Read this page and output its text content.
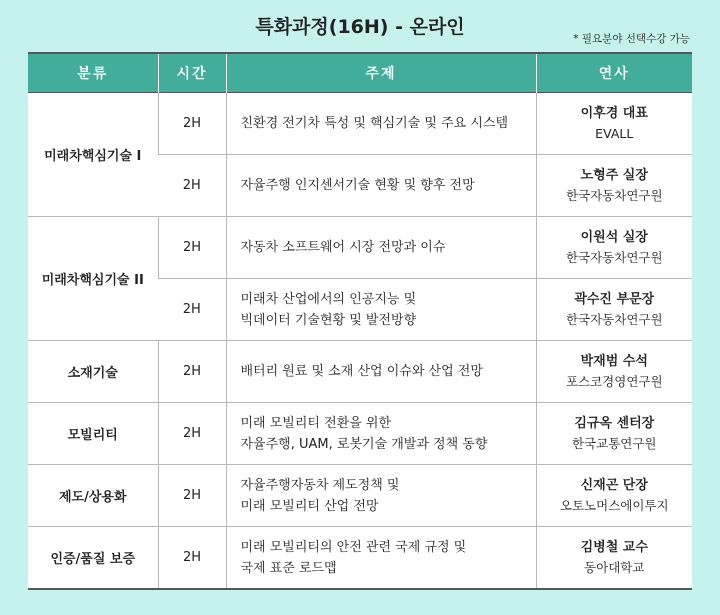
특화과정(16H) - 온라인
* 필요분야 선택수강 가능
분류	시간	주제	연사
미래차핵심기술 I	2H	친환경 전기차 특성 및 핵심기술 및 주요 시스템	이후경 대표
EVALL

	2H	자율주행 인지센서기술 현황 및 향후 전망	노형주 실장
한국자동차연구원

미래차핵심기술 II	2H	자동차 소프트웨어 시장 전망과 이슈	이원석 실장
한국자동차연구원

	2H	미래차 산업에서의 인공지능 및
빅데이터 기술현황 및 발전방향	곽수진 부문장
한국자동차연구원

소재기술	2H	배터리 원료 및 소재 산업 이슈와 산업 전망	박재범 수석
포스코경영연구원

모빌리티	2H	미래 모빌리티 전환을 위한
자율주행, UAM, 로봇기술 개발과 정책 동향	김규옥 센터장
한국교통연구원

제도/상용화	2H	자율주행자동차 제도정책 및
미래 모빌리티 산업 전망	신재곤 단장
오토노머스에이투지

인증/품질 보증	2H	미래 모빌리티의 안전 관련 국제 규정 및
국제 표준 로드맵	김병철 교수
동아대학교
